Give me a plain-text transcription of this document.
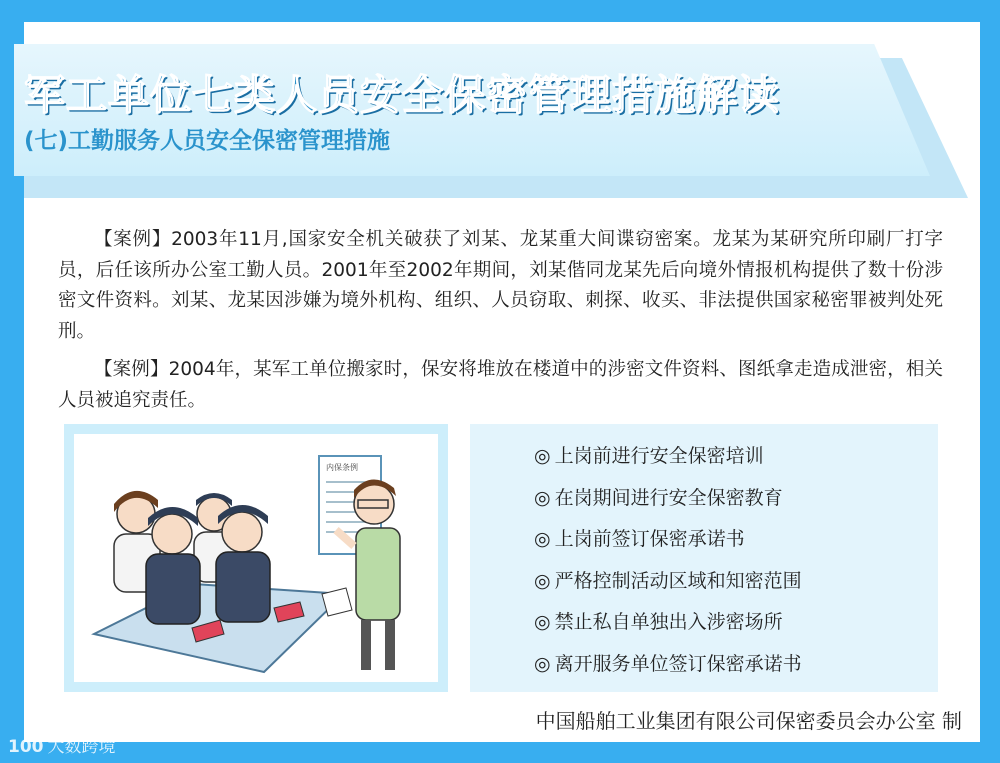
军工单位七类人员安全保密管理措施解读
(七)工勤服务人员安全保密管理措施

【案例】2003年11月,国家安全机关破获了刘某、龙某重大间谍窃密案。龙某为某研究所印刷厂打字员，后任该所办公室工勤人员。2001年至2002年期间，刘某偕同龙某先后向境外情报机构提供了数十份涉密文件资料。刘某、龙某因涉嫌为境外机构、组织、人员窃取、刺探、收买、非法提供国家秘密罪被判处死刑。

【案例】2004年，某军工单位搬家时，保安将堆放在楼道中的涉密文件资料、图纸拿走造成泄密，相关人员被追究责任。

内保条例
◎ 上岗前进行安全保密培训
◎ 在岗期间进行安全保密教育
◎ 上岗前签订保密承诺书
◎ 严格控制活动区域和知密范围
◎ 禁止私自单独出入涉密场所
◎ 离开服务单位签订保密承诺书

中国船舶工业集团有限公司保密委员会办公室 制

100 大数跨境
